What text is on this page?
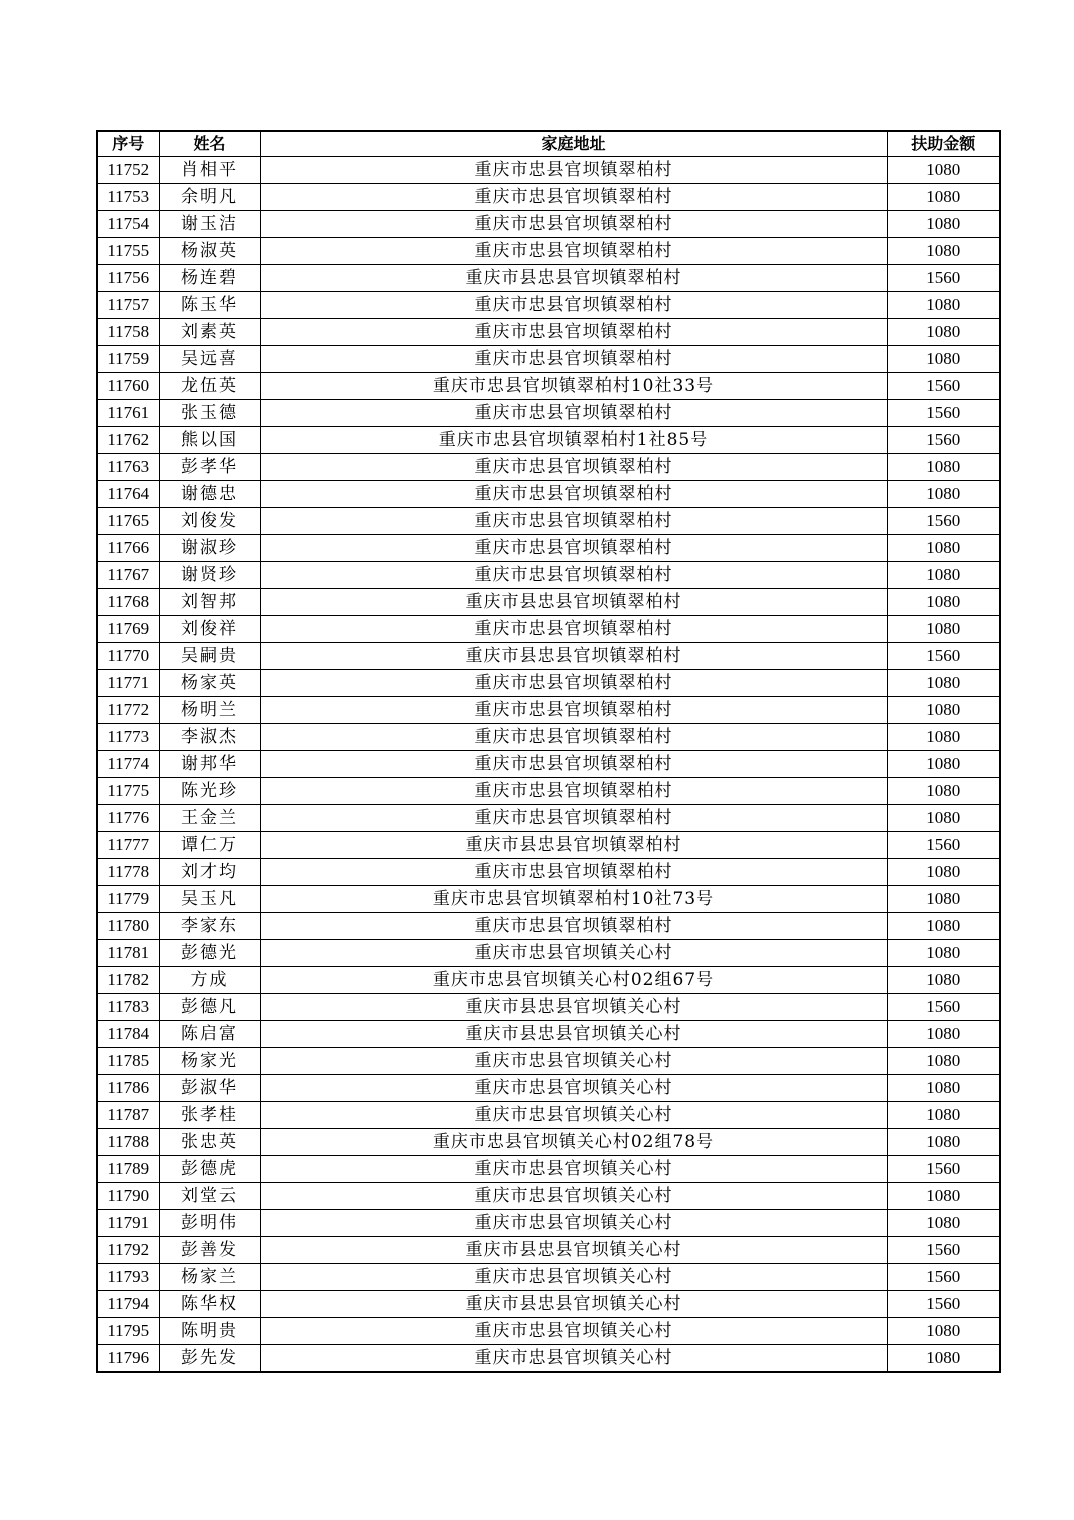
序号	姓名	家庭地址	扶助金额
11752	肖相平	重庆市忠县官坝镇翠柏村	1080
11753	余明凡	重庆市忠县官坝镇翠柏村	1080
11754	谢玉洁	重庆市忠县官坝镇翠柏村	1080
11755	杨淑英	重庆市忠县官坝镇翠柏村	1080
11756	杨连碧	重庆市县忠县官坝镇翠柏村	1560
11757	陈玉华	重庆市忠县官坝镇翠柏村	1080
11758	刘素英	重庆市忠县官坝镇翠柏村	1080
11759	吴远喜	重庆市忠县官坝镇翠柏村	1080
11760	龙伍英	重庆市忠县官坝镇翠柏村10社33号	1560
11761	张玉德	重庆市忠县官坝镇翠柏村	1560
11762	熊以国	重庆市忠县官坝镇翠柏村1社85号	1560
11763	彭孝华	重庆市忠县官坝镇翠柏村	1080
11764	谢德忠	重庆市忠县官坝镇翠柏村	1080
11765	刘俊发	重庆市忠县官坝镇翠柏村	1560
11766	谢淑珍	重庆市忠县官坝镇翠柏村	1080
11767	谢贤珍	重庆市忠县官坝镇翠柏村	1080
11768	刘智邦	重庆市县忠县官坝镇翠柏村	1080
11769	刘俊祥	重庆市忠县官坝镇翠柏村	1080
11770	吴嗣贵	重庆市县忠县官坝镇翠柏村	1560
11771	杨家英	重庆市忠县官坝镇翠柏村	1080
11772	杨明兰	重庆市忠县官坝镇翠柏村	1080
11773	李淑杰	重庆市忠县官坝镇翠柏村	1080
11774	谢邦华	重庆市忠县官坝镇翠柏村	1080
11775	陈光珍	重庆市忠县官坝镇翠柏村	1080
11776	王金兰	重庆市忠县官坝镇翠柏村	1080
11777	谭仁万	重庆市县忠县官坝镇翠柏村	1560
11778	刘才均	重庆市忠县官坝镇翠柏村	1080
11779	吴玉凡	重庆市忠县官坝镇翠柏村10社73号	1080
11780	李家东	重庆市忠县官坝镇翠柏村	1080
11781	彭德光	重庆市忠县官坝镇关心村	1080
11782	方成	重庆市忠县官坝镇关心村02组67号	1080
11783	彭德凡	重庆市县忠县官坝镇关心村	1560
11784	陈启富	重庆市县忠县官坝镇关心村	1080
11785	杨家光	重庆市忠县官坝镇关心村	1080
11786	彭淑华	重庆市忠县官坝镇关心村	1080
11787	张孝桂	重庆市忠县官坝镇关心村	1080
11788	张忠英	重庆市忠县官坝镇关心村02组78号	1080
11789	彭德虎	重庆市忠县官坝镇关心村	1560
11790	刘堂云	重庆市忠县官坝镇关心村	1080
11791	彭明伟	重庆市忠县官坝镇关心村	1080
11792	彭善发	重庆市县忠县官坝镇关心村	1560
11793	杨家兰	重庆市忠县官坝镇关心村	1560
11794	陈华权	重庆市县忠县官坝镇关心村	1560
11795	陈明贵	重庆市忠县官坝镇关心村	1080
11796	彭先发	重庆市忠县官坝镇关心村	1080
